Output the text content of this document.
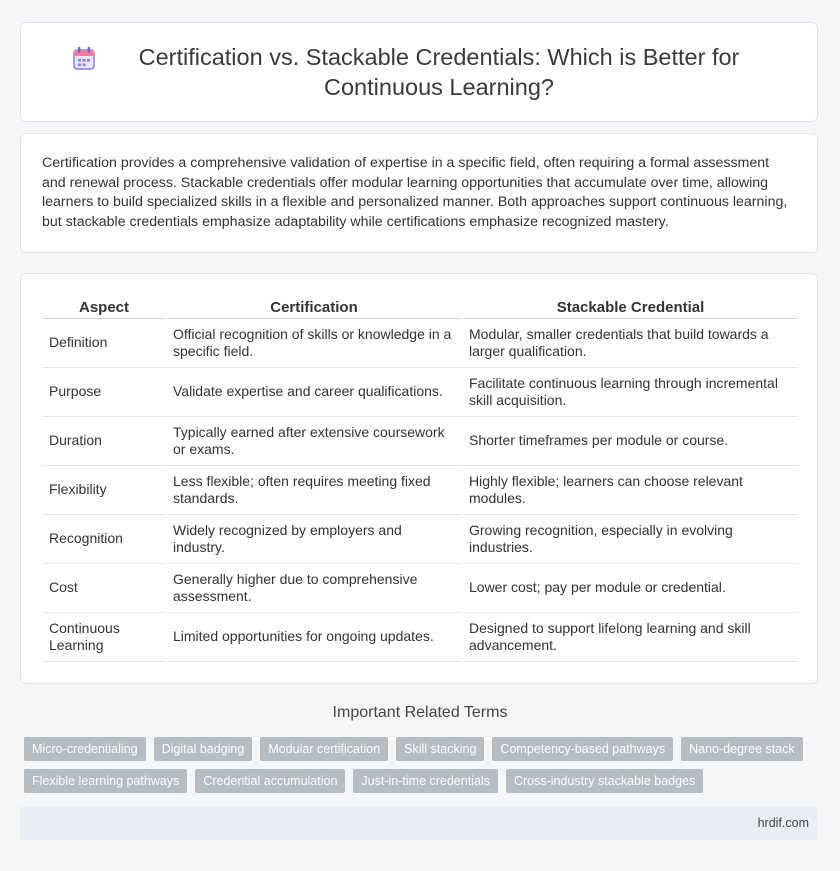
Certification vs. Stackable Credentials: Which is Better for Continuous Learning?

Certification provides a comprehensive validation of expertise in a specific field, often requiring a formal assessment and renewal process. Stackable credentials offer modular learning opportunities that accumulate over time, allowing learners to build specialized skills in a flexible and personalized manner. Both approaches support continuous learning, but stackable credentials emphasize adaptability while certifications emphasize recognized mastery.

Aspect	Certification	Stackable Credential
Definition	Official recognition of skills or knowledge in a specific field.	Modular, smaller credentials that build towards a larger qualification.
Purpose	Validate expertise and career qualifications.	Facilitate continuous learning through incremental skill acquisition.
Duration	Typically earned after extensive coursework or exams.	Shorter timeframes per module or course.
Flexibility	Less flexible; often requires meeting fixed standards.	Highly flexible; learners can choose relevant modules.
Recognition	Widely recognized by employers and industry.	Growing recognition, especially in evolving industries.
Cost	Generally higher due to comprehensive assessment.	Lower cost; pay per module or credential.
Continuous Learning	Limited opportunities for ongoing updates.	Designed to support lifelong learning and skill advancement.
Important Related Terms
Micro-credentialing	Digital badging	Modular certification	Skill stacking	Competency-based pathways	Nano-degree stack
Flexible learning pathways	Credential accumulation	Just-in-time credentials	Cross-industry stackable badges
hrdif.com
